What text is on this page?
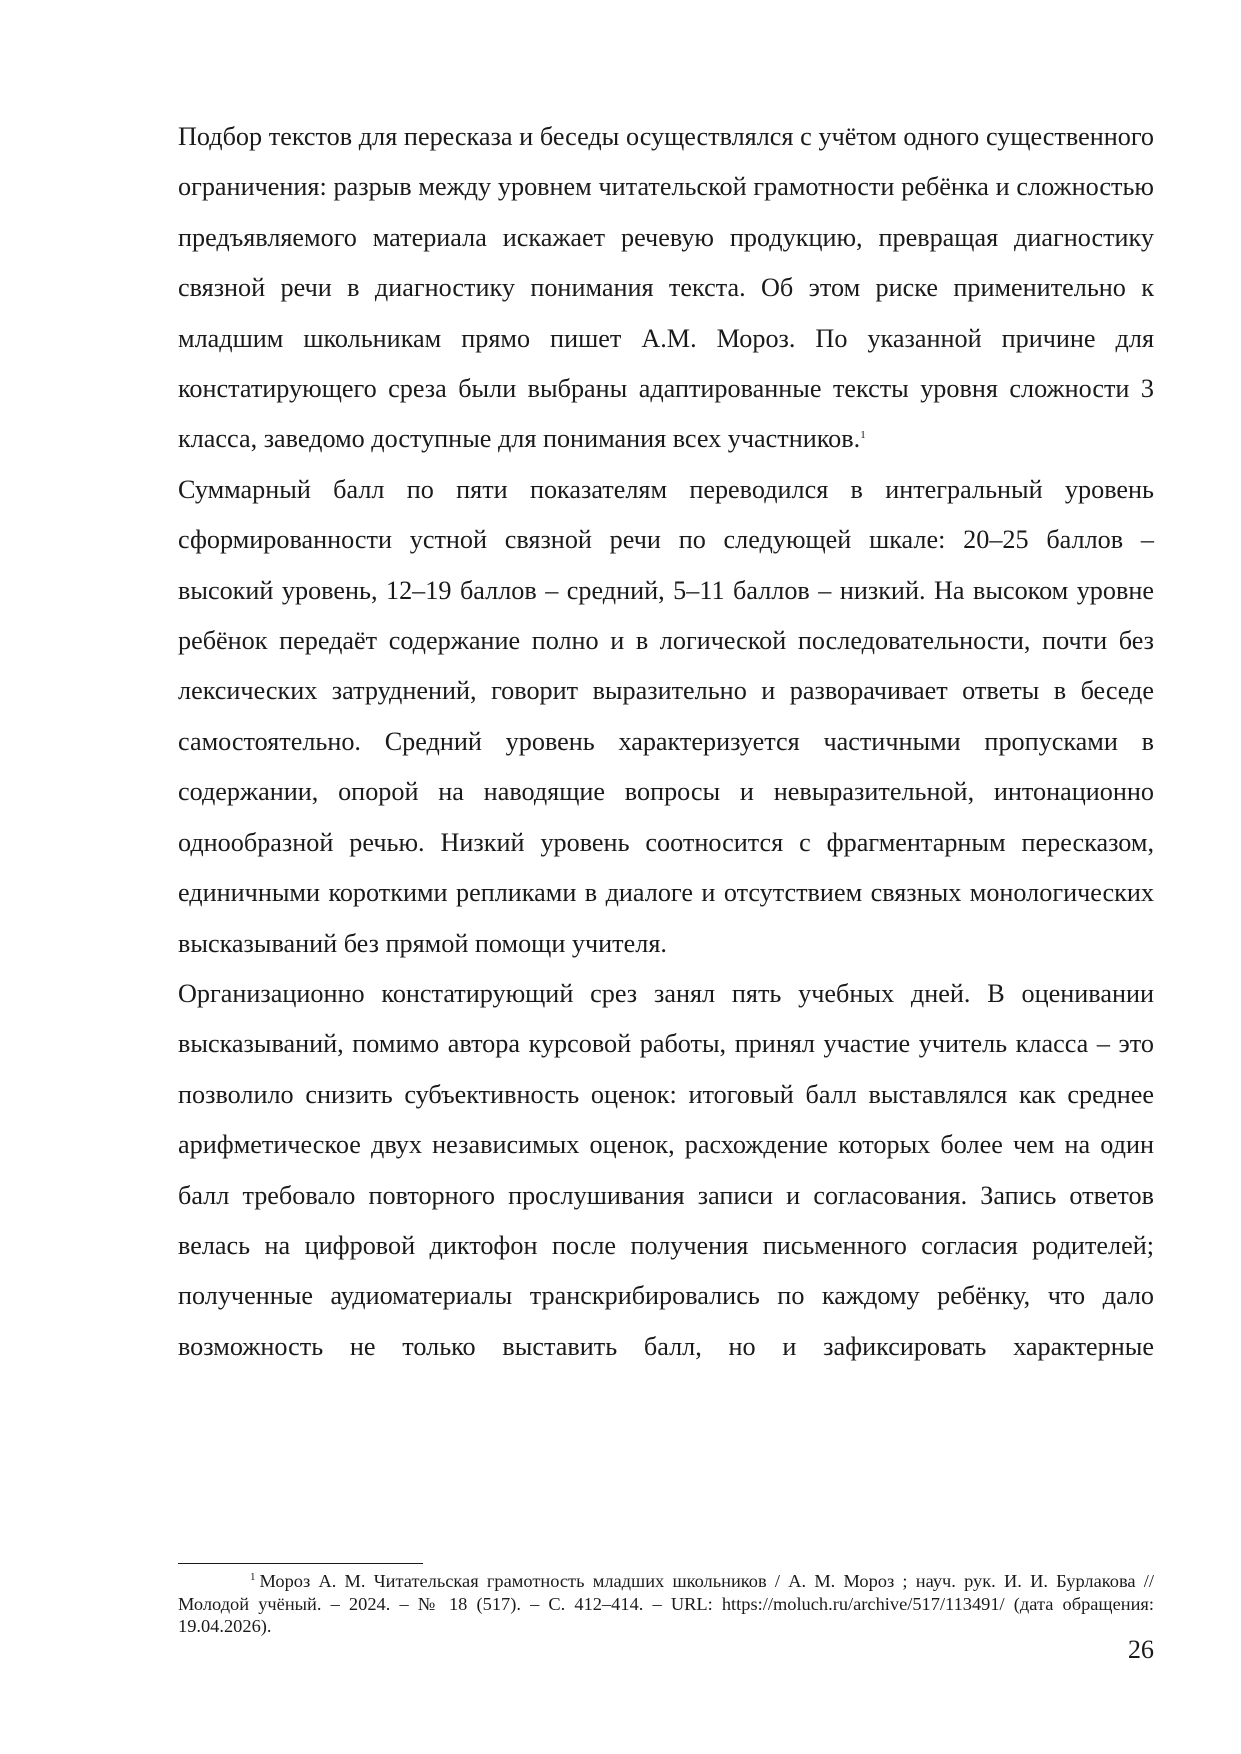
Подбор текстов для пересказа и беседы осуществлялся с учётом одного существенного ограничения: разрыв между уровнем читательской грамотности ребёнка и сложностью предъявляемого материала искажает речевую продукцию, превращая диагностику связной речи в диагностику понимания текста. Об этом риске применительно к младшим школьникам прямо пишет А.М. Мороз. По указанной причине для констатирующего среза были выбраны адаптированные тексты уровня сложности 3 класса, заведомо доступные для понимания всех участников.$^1$

Суммарный балл по пяти показателям переводился в интегральный уровень сформированности устной связной речи по следующей шкале: 20–25 баллов – высокий уровень, 12–19 баллов – средний, 5–11 баллов – низкий. На высоком уровне ребёнок передаёт содержание полно и в логической последовательности, почти без лексических затруднений, говорит выразительно и разворачивает ответы в беседе самостоятельно. Средний уровень характеризуется частичными пропусками в содержании, опорой на наводящие вопросы и невыразительной, интонационно однообразной речью. Низкий уровень соотносится с фрагментарным пересказом, единичными короткими репликами в диалоге и отсутствием связных монологических высказываний без прямой помощи учителя.

Организационно констатирующий срез занял пять учебных дней. В оценивании высказываний, помимо автора курсовой работы, принял участие учитель класса – это позволило снизить субъективность оценок: итоговый балл выставлялся как среднее арифметическое двух независимых оценок, расхождение которых более чем на один балл требовало повторного прослушивания записи и согласования. Запись ответов велась на цифровой диктофон после получения письменного согласия родителей; полученные аудиоматериалы транскрибировались по каждому ребёнку, что дало возможность не только выставить балл, но и зафиксировать характерные

$^1$ Мороз А. М. Читательская грамотность младших школьников / А. М. Мороз ; науч. рук. И. И. Бурлакова // Молодой учёный. – 2024. – № 18 (517). – С. 412–414. – URL: https://moluch.ru/archive/517/113491/ (дата обращения: 19.04.2026).

26
